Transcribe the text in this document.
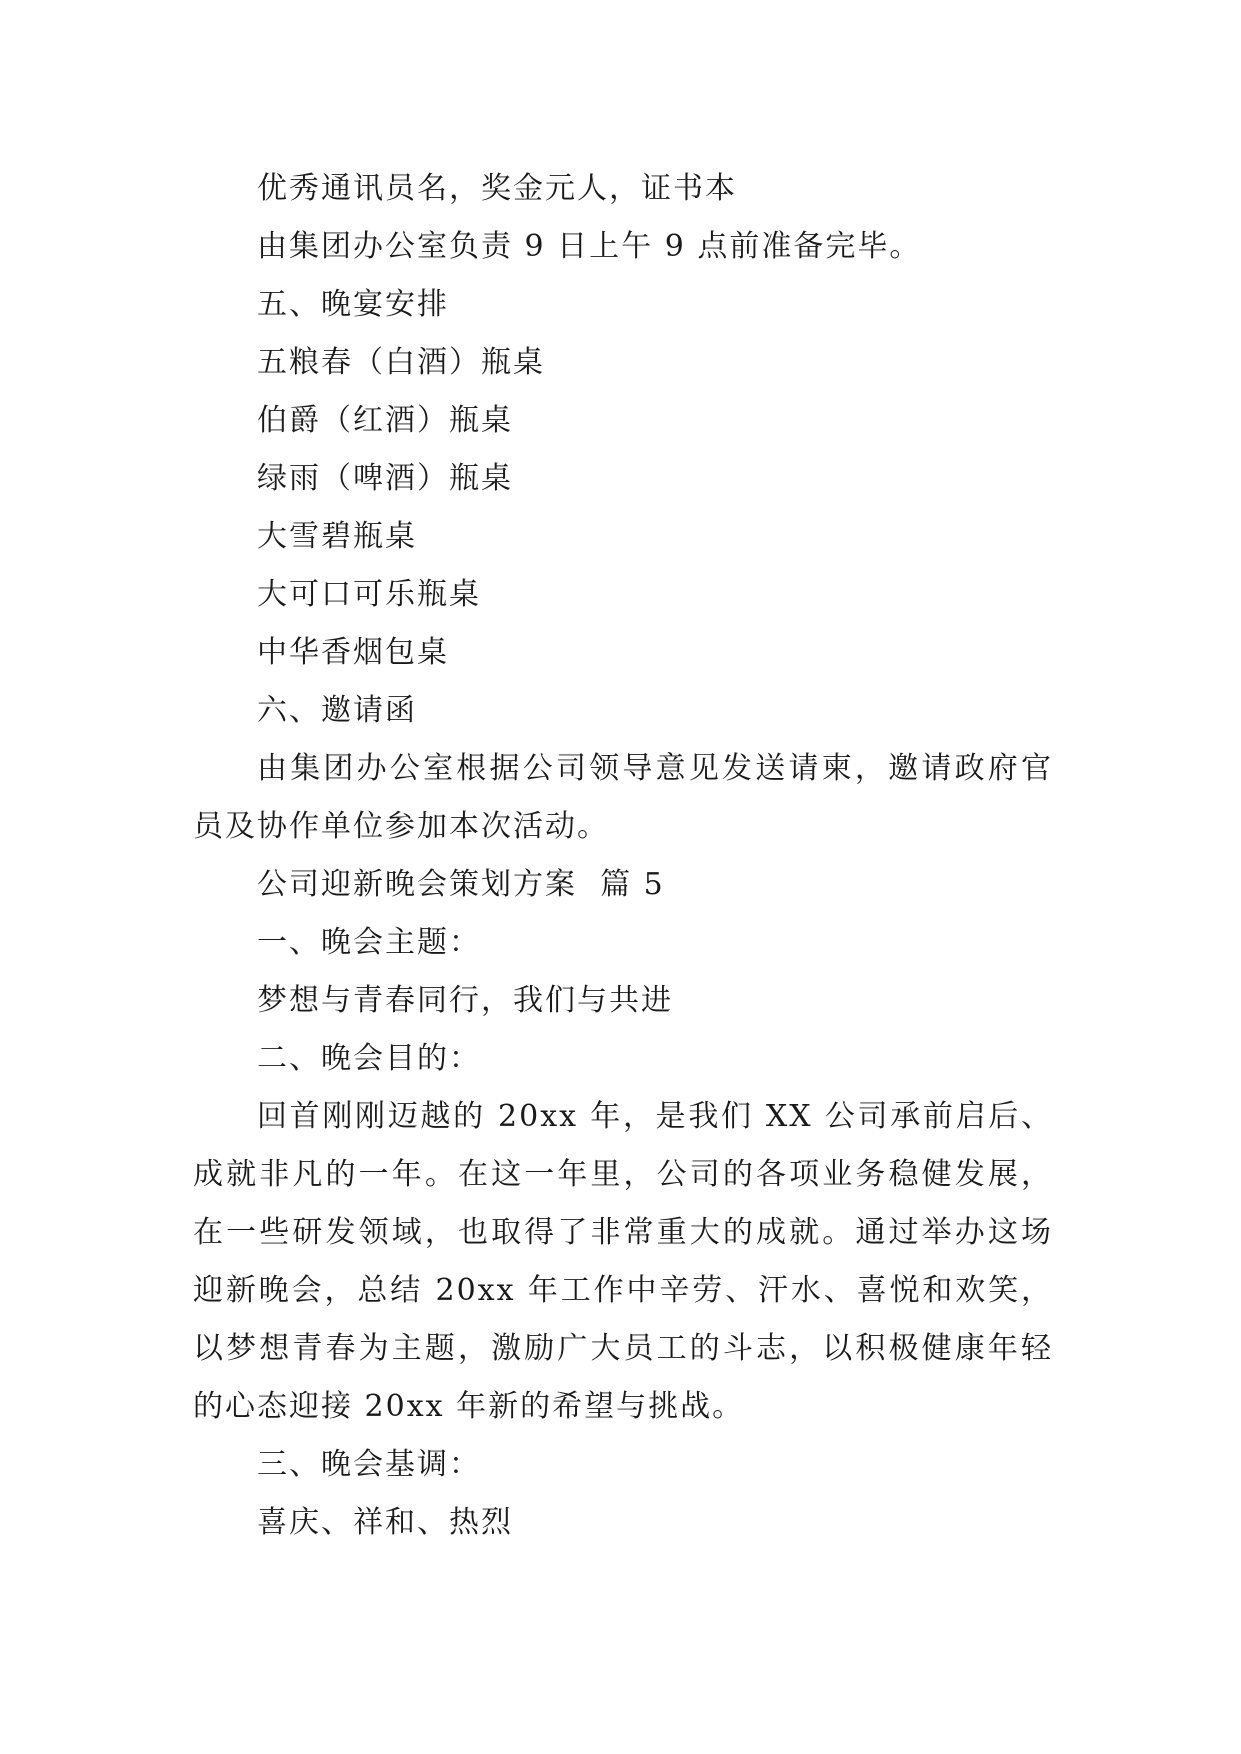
优秀通讯员名，奖金元人，证书本

由集团办公室负责 9 日上午 9 点前准备完毕。

五、晚宴安排

五粮春（白酒）瓶桌

伯爵（红酒）瓶桌

绿雨（啤酒）瓶桌

大雪碧瓶桌

大可口可乐瓶桌

中华香烟包桌

六、邀请函

由集团办公室根据公司领导意见发送请柬，邀请政府官员及协作单位参加本次活动。

公司迎新晚会策划方案  篇 5

一、晚会主题：

梦想与青春同行，我们与共进

二、晚会目的：

回首刚刚迈越的 20xx 年，是我们 XX 公司承前启后、成就非凡的一年。在这一年里，公司的各项业务稳健发展，在一些研发领域，也取得了非常重大的成就。通过举办这场迎新晚会，总结 20xx 年工作中辛劳、汗水、喜悦和欢笑，以梦想青春为主题，激励广大员工的斗志，以积极健康年轻的心态迎接 20xx 年新的希望与挑战。

三、晚会基调：

喜庆、祥和、热烈
